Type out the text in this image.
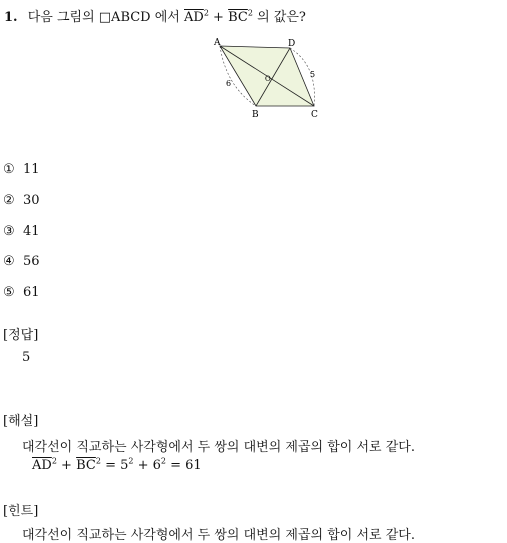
1. 다음 그림의 □ABCD 에서 $\overline{AD}^2 + \overline{BC}^2$ 의 값은?
A	D
B	C
O
6
5
① 11
② 30
③ 41
④ 56
⑤ 61
[정답]
5
[해설]
대각선이 직교하는 사각형에서 두 쌍의 대변의 제곱의 합이 서로 같다.
$\overline{AD}^2 + \overline{BC}^2 = 5^2 + 6^2 = 61$
[힌트]
대각선이 직교하는 사각형에서 두 쌍의 대변의 제곱의 합이 서로 같다.
